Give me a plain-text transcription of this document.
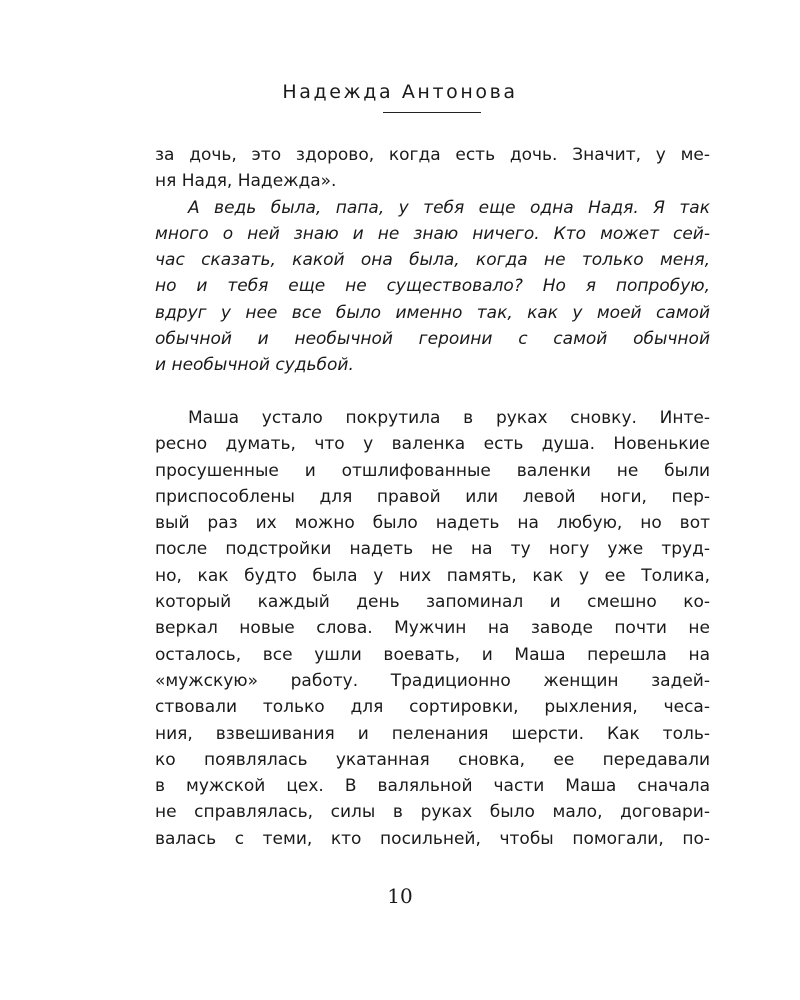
Надежда Антонова
за дочь, это здорово, когда есть дочь. Значит, у ме-
ня Надя, Надежда».
А ведь была, папа, у тебя еще одна Надя. Я так
много о ней знаю и не знаю ничего. Кто может сей-
час сказать, какой она была, когда не только меня,
но и тебя еще не существовало? Но я попробую,
вдруг у нее все было именно так, как у моей самой
обычной и необычной героини с самой обычной
и необычной судьбой.
Маша устало покрутила в руках сновку. Инте-
ресно думать, что у валенка есть душа. Новенькие
просушенные и отшлифованные валенки не были
приспособлены для правой или левой ноги, пер-
вый раз их можно было надеть на любую, но вот
после подстройки надеть не на ту ногу уже труд-
но, как будто была у них память, как у ее Толика,
который каждый день запоминал и смешно ко-
веркал новые слова. Мужчин на заводе почти не
осталось, все ушли воевать, и Маша перешла на
«мужскую» работу. Традиционно женщин задей-
ствовали только для сортировки, рыхления, чеса-
ния, взвешивания и пеленания шерсти. Как толь-
ко появлялась укатанная сновка, ее передавали
в мужской цех. В валяльной части Маша сначала
не справлялась, силы в руках было мало, договари-
валась с теми, кто посильней, чтобы помогали, по-
10
